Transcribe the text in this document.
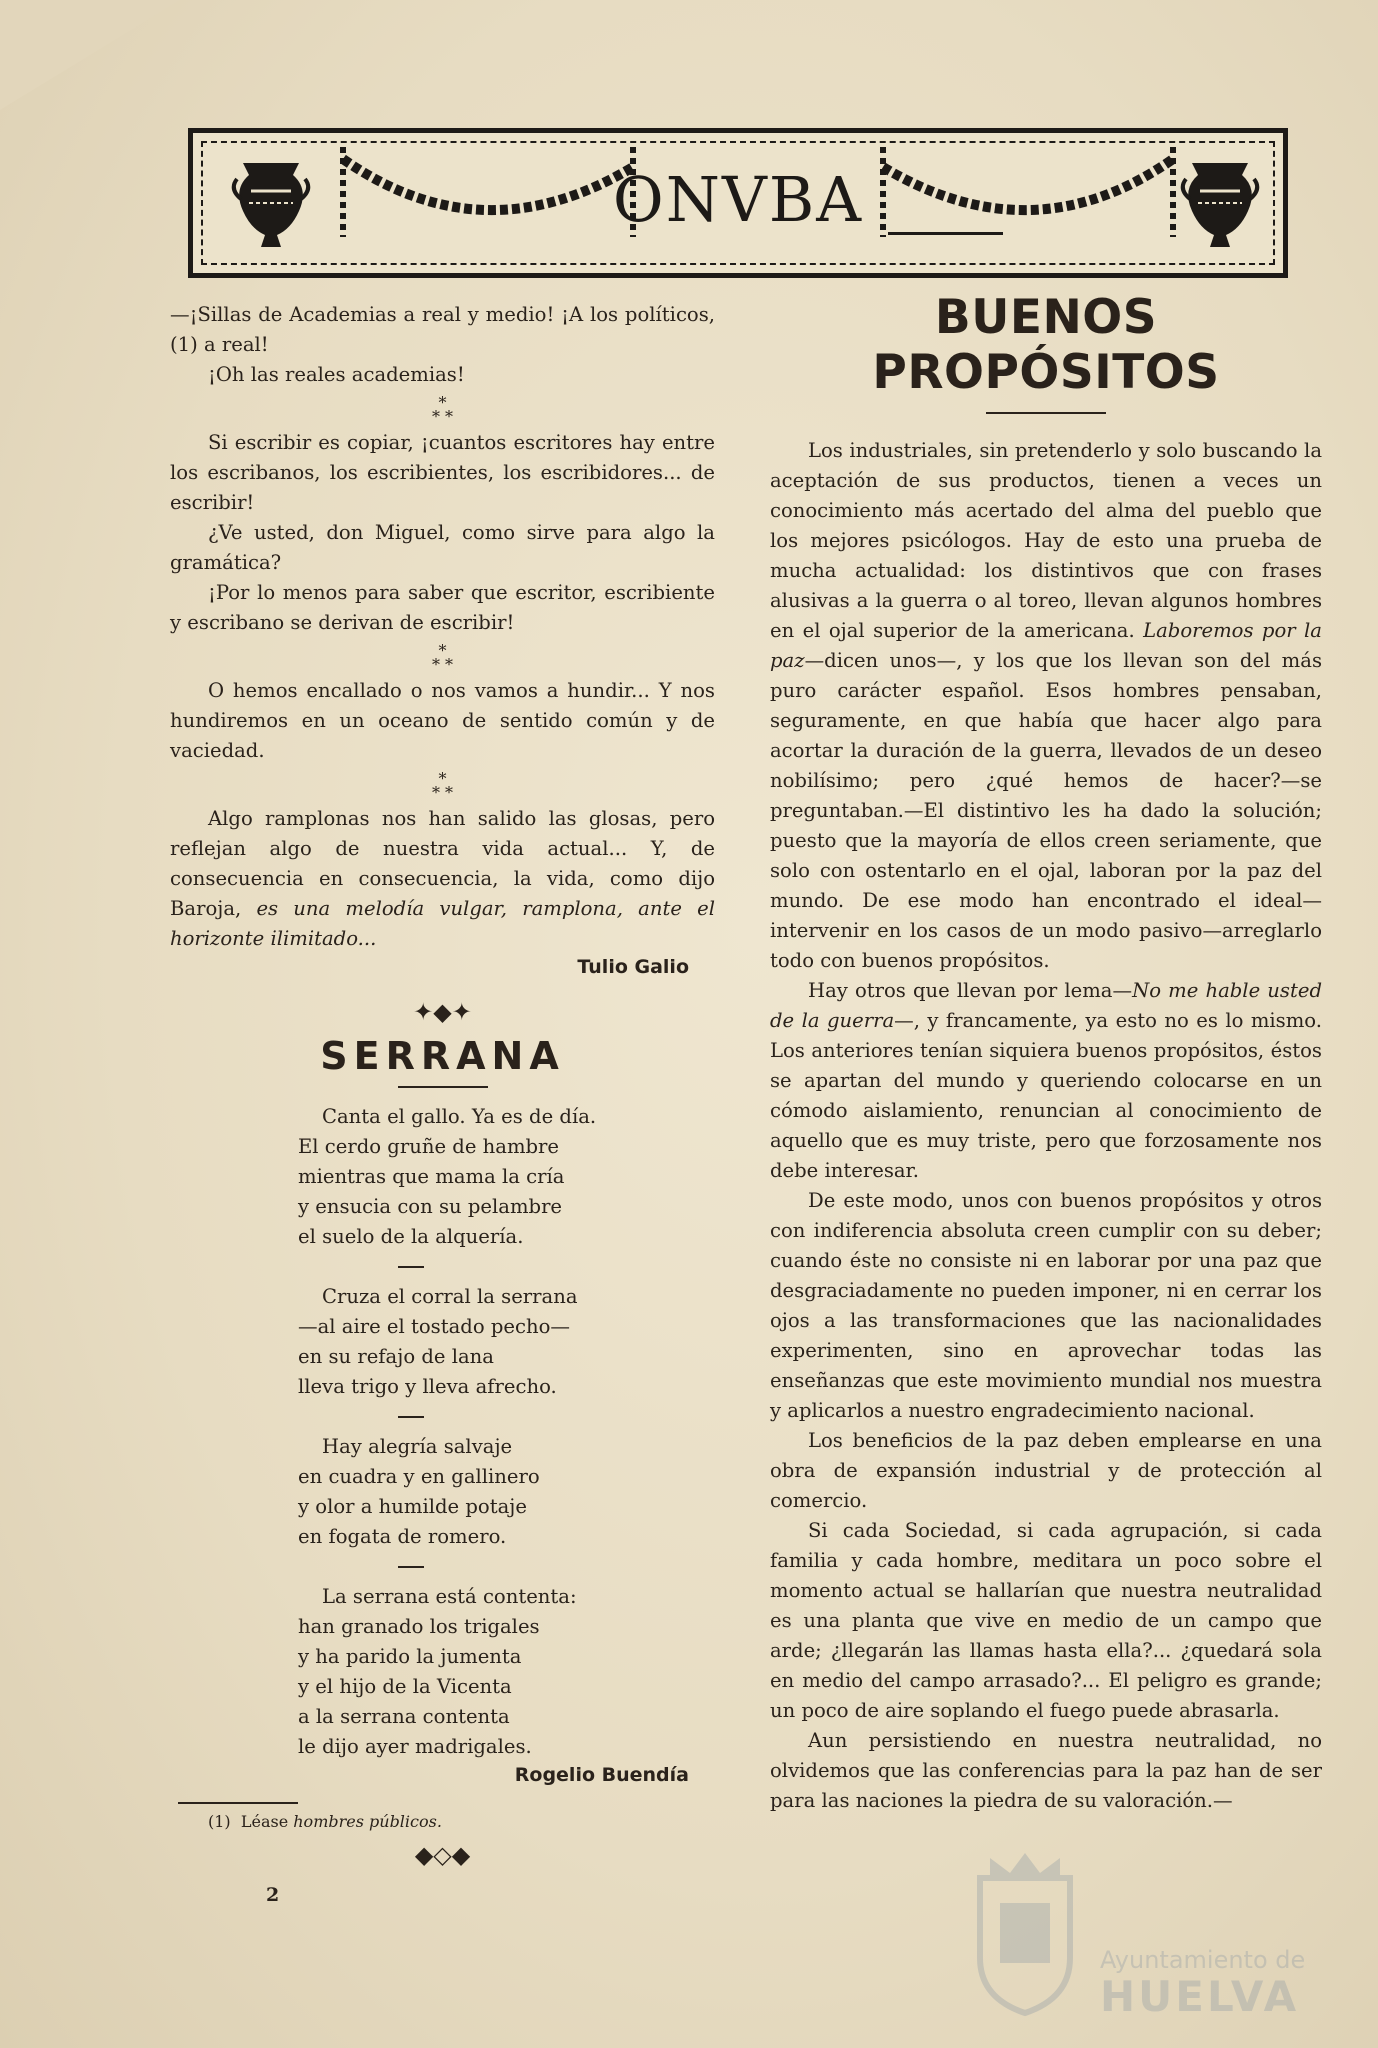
ONVBA

—¡Sillas de Academias a real y medio! ¡A los políticos, (1) a real!

¡Oh las reales academias!

*
* *

Si escribir es copiar, ¡cuantos escritores hay entre los escribanos, los escribientes, los escribidores... de escribir!

¿Ve usted, don Miguel, como sirve para algo la gramática?

¡Por lo menos para saber que escritor, escribiente y escribano se derivan de escribir!

*
* *

O hemos encallado o nos vamos a hundir... Y nos hundiremos en un oceano de sentido común y de vaciedad.

*
* *

Algo ramplonas nos han salido las glosas, pero reflejan algo de nuestra vida actual... Y, de consecuencia en consecuencia, la vida, como dijo Baroja, es una melodía vulgar, ramplona, ante el horizonte ilimitado...

Tulio Galio
✦◆✦
SERRANA
Canta el gallo. Ya es de día.
El cerdo gruñe de hambre
mientras que mama la cría
y ensucia con su pelambre
el suelo de la alquería.
Cruza el corral la serrana
—al aire el tostado pecho—
en su refajo de lana
lleva trigo y lleva afrecho.
Hay alegría salvaje
en cuadra y en gallinero
y olor a humilde potaje
en fogata de romero.
La serrana está contenta:
han granado los trigales
y ha parido la jumenta
y el hijo de la Vicenta
a la serrana contenta
le dijo ayer madrigales.
Rogelio Buendía
(1) Léase hombres públicos.
◆◇◆
2
BUENOS PROPÓSITOS

Los industriales, sin pretenderlo y solo buscando la aceptación de sus productos, tienen a veces un conocimiento más acertado del alma del pueblo que los mejores psicólogos. Hay de esto una prueba de mucha actualidad: los distintivos que con frases alusivas a la guerra o al toreo, llevan algunos hombres en el ojal superior de la americana. Laboremos por la paz—dicen unos—, y los que los llevan son del más puro carácter español. Esos hombres pensaban, seguramente, en que había que hacer algo para acortar la duración de la guerra, llevados de un deseo nobilísimo; pero ¿qué hemos de hacer?—se preguntaban.—El distintivo les ha dado la solución; puesto que la mayoría de ellos creen seriamente, que solo con ostentarlo en el ojal, laboran por la paz del mundo. De ese modo han encontrado el ideal—intervenir en los casos de un modo pasivo—arreglarlo todo con buenos propósitos.

Hay otros que llevan por lema—No me hable usted de la guerra—, y francamente, ya esto no es lo mismo. Los anteriores tenían siquiera buenos propósitos, éstos se apartan del mundo y queriendo colocarse en un cómodo aislamiento, renuncian al conocimiento de aquello que es muy triste, pero que forzosamente nos debe interesar.

De este modo, unos con buenos propósitos y otros con indiferencia absoluta creen cumplir con su deber; cuando éste no consiste ni en laborar por una paz que desgraciadamente no pueden imponer, ni en cerrar los ojos a las transformaciones que las nacionalidades experimenten, sino en aprovechar todas las enseñanzas que este movimiento mundial nos muestra y aplicarlos a nuestro engradecimiento nacional.

Los beneficios de la paz deben emplearse en una obra de expansión industrial y de protección al comercio.

Si cada Sociedad, si cada agrupación, si cada familia y cada hombre, meditara un poco sobre el momento actual se hallarían que nuestra neutralidad es una planta que vive en medio de un campo que arde; ¿llegarán las llamas hasta ella?... ¿quedará sola en medio del campo arrasado?... El peligro es grande; un poco de aire soplando el fuego puede abrasarla.

Aun persistiendo en nuestra neutralidad, no olvidemos que las conferencias para la paz han de ser para las naciones la piedra de su valoración.—

Ayuntamiento de
HUELVA
